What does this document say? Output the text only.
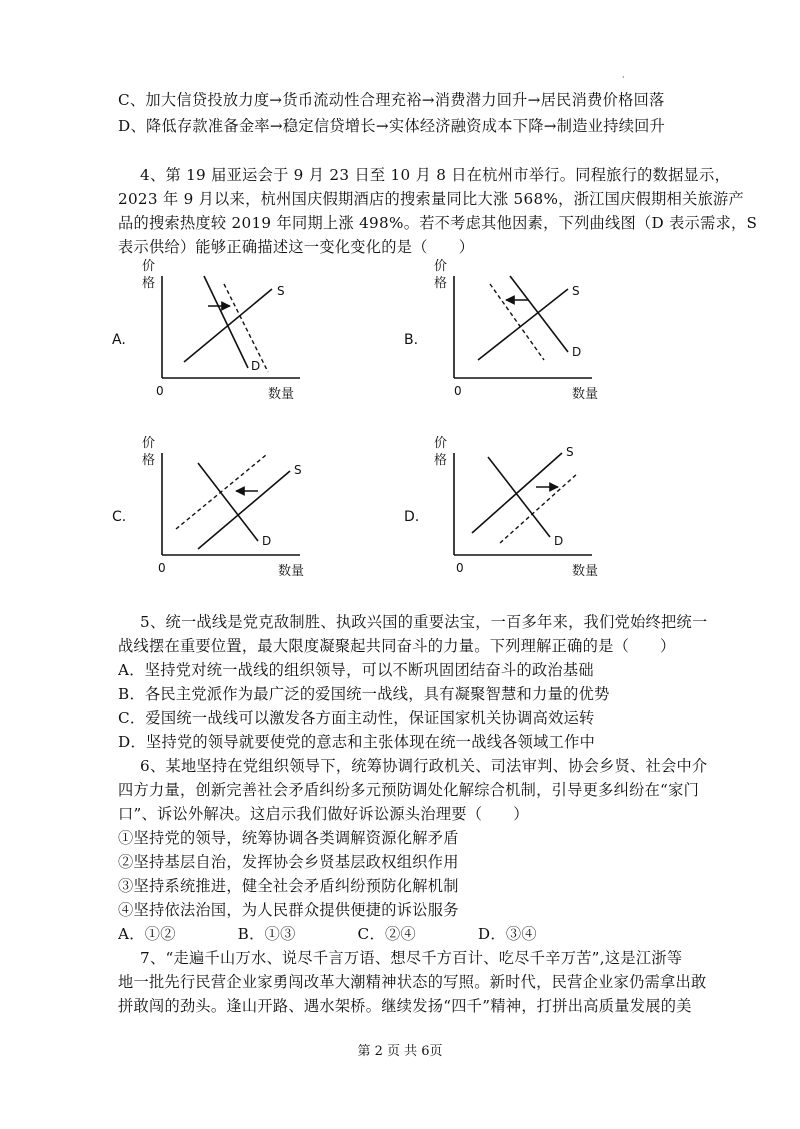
·
C、加大信贷投放力度→货币流动性合理充裕→消费潜力回升→居民消费价格回落
D、降低存款准备金率→稳定信贷增长→实体经济融资成本下降→制造业持续回升
4、第 19 届亚运会于 9 月 23 日至 10 月 8 日在杭州市举行。同程旅行的数据显示，
2023 年 9 月以来，杭州国庆假期酒店的搜索量同比大涨 568%，浙江国庆假期相关旅游产
品的搜索热度较 2019 年同期上涨 498%。若不考虑其他因素，下列曲线图（D 表示需求，S
表示供给）能够正确描述这一变化变化的是（　　）
A.	B.
C.	D.
价
格
0	数量
S
D
价
格
0	数量
S
D
价
格
0	数量
S
D
价
格
0	数量
S
D
5、统一战线是党克敌制胜、执政兴国的重要法宝，一百多年来，我们党始终把统一
战线摆在重要位置，最大限度凝聚起共同奋斗的力量。下列理解正确的是（　　）
A．坚持党对统一战线的组织领导，可以不断巩固团结奋斗的政治基础
B．各民主党派作为最广泛的爱国统一战线，具有凝聚智慧和力量的优势
C．爱国统一战线可以激发各方面主动性，保证国家机关协调高效运转
D．坚持党的领导就要使党的意志和主张体现在统一战线各领域工作中
6、某地坚持在党组织领导下，统筹协调行政机关、司法审判、协会乡贤、社会中介
四方力量，创新完善社会矛盾纠纷多元预防调处化解综合机制，引导更多纠纷在“家门
口”、诉讼外解决。这启示我们做好诉讼源头治理要（　　）
①坚持党的领导，统筹协调各类调解资源化解矛盾
②坚持基层自治，发挥协会乡贤基层政权组织作用
③坚持系统推进，健全社会矛盾纠纷预防化解机制
④坚持依法治国，为人民群众提供便捷的诉讼服务
A．①②　　　　B．①③　　　　C．②④　　　　D．③④
7、“走遍千山万水、说尽千言万语、想尽千方百计、吃尽千辛万苦”,这是江浙等
地一批先行民营企业家勇闯改革大潮精神状态的写照。新时代，民营企业家仍需拿出敢
拼敢闯的劲头。逢山开路、遇水架桥。继续发扬“四千”精神，打拼出高质量发展的美
第 2 页 共 6页
